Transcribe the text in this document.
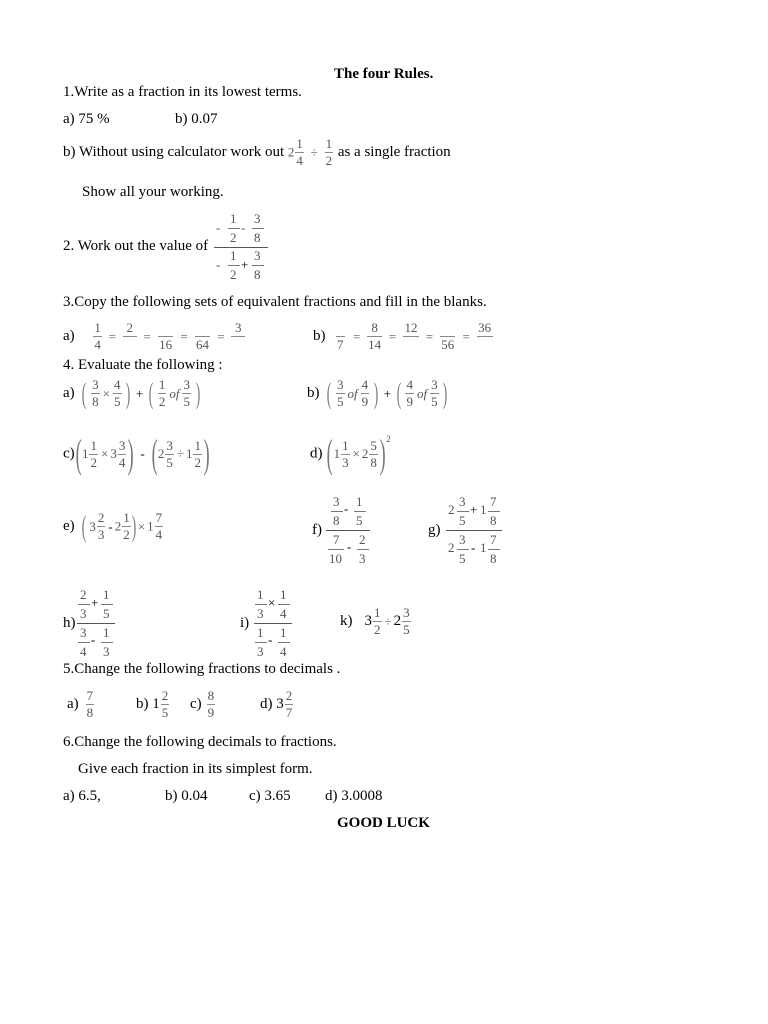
The four Rules.
1.Write as a fraction in its lowest terms.
a) 75 %	b) 0.07
b) Without using calculator work out $2 \frac{1}{4} \div \frac{1}{2}$ as a single fraction
Show all your working.
2. Work out the value of
-
1
2
-
3
8
-
1
2
+
3
8
3.Copy the following sets of equivalent fractions and fill in the blanks.
$a) \frac{1}{4}$ =
2

=

16
=

64
=
3

b)

7
= $\frac{8}{14}$ =
12

=

56
=
36

4. Evaluate the following :
a) ( $\frac{3}{8} \times \frac{4}{5}$ ) + ( $\frac{1}{2}$ of $\frac{3}{5}$ )	b) ( $\frac{3}{5}$ of $\frac{4}{9}$ ) + ( $\frac{4}{9}$ of $\frac{3}{5}$ )
$c)(1 \frac{1}{2} \times 3 \frac{3}{4}$ ) - ($2 \frac{3}{5} \div 1 \frac{1}{2}$ )	d) $(1 \frac{1}{3} \times 2 \frac{5}{8} )^2$
e) ( $3 \frac{2}{3} - 2 \frac{1}{2}$ ) × $1 \frac{7}{4}$	f)
3
8
- 1
5
7
10
- 2
3
g)
2
3
5
+ 1
7
8
2
3
5
- 1
7
8
h)
2
3
+
1
5
3
4
- 1
3
i)
1
3
×
1
4
1
3
- 1
4
k) $3 \frac{1}{2} \div 2 \frac{3}{5}$
5.Change the following fractions to decimals .
$a) \frac{7}{8}$	b) $1 \frac{2}{5} c) \frac{8}{9}$	d) $3 \frac{2}{7}$
6.Change the following decimals to fractions.
Give each fraction in its simplest form.
a) 6.5,	b) 0.04	c) 3.65 d) 3.0008
GOOD LUCK
